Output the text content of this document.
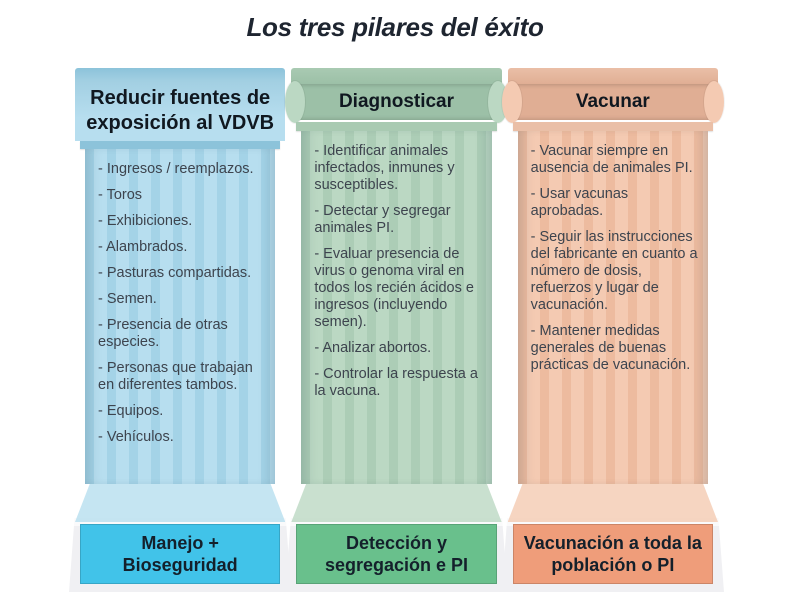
Los tres pilares del éxito
Reducir fuentes de exposición al VDVB
- Ingresos / reemplazos.
- Toros
- Exhibiciones.
- Alambrados.
- Pasturas compartidas.
- Semen.
- Presencia de otras especies.
- Personas que trabajan en diferentes tambos.
- Equipos.
- Vehículos.
Manejo + Bioseguridad
Diagnosticar
- Identificar animales infectados, inmunes y susceptibles.
- Detectar y segregar animales PI.
- Evaluar presencia de virus o genoma viral en todos los recién ácidos e ingresos (incluyendo semen).
- Analizar abortos.
- Controlar la respuesta a la vacuna.
Detección y segregación e PI
Vacunar
- Vacunar siempre en ausencia de animales PI.
- Usar vacunas aprobadas.
- Seguir las instrucciones del fabricante en cuanto a número de dosis, refuerzos y lugar de vacunación.
- Mantener medidas generales de buenas prácticas de vacunación.
Vacunación a toda la población o PI
